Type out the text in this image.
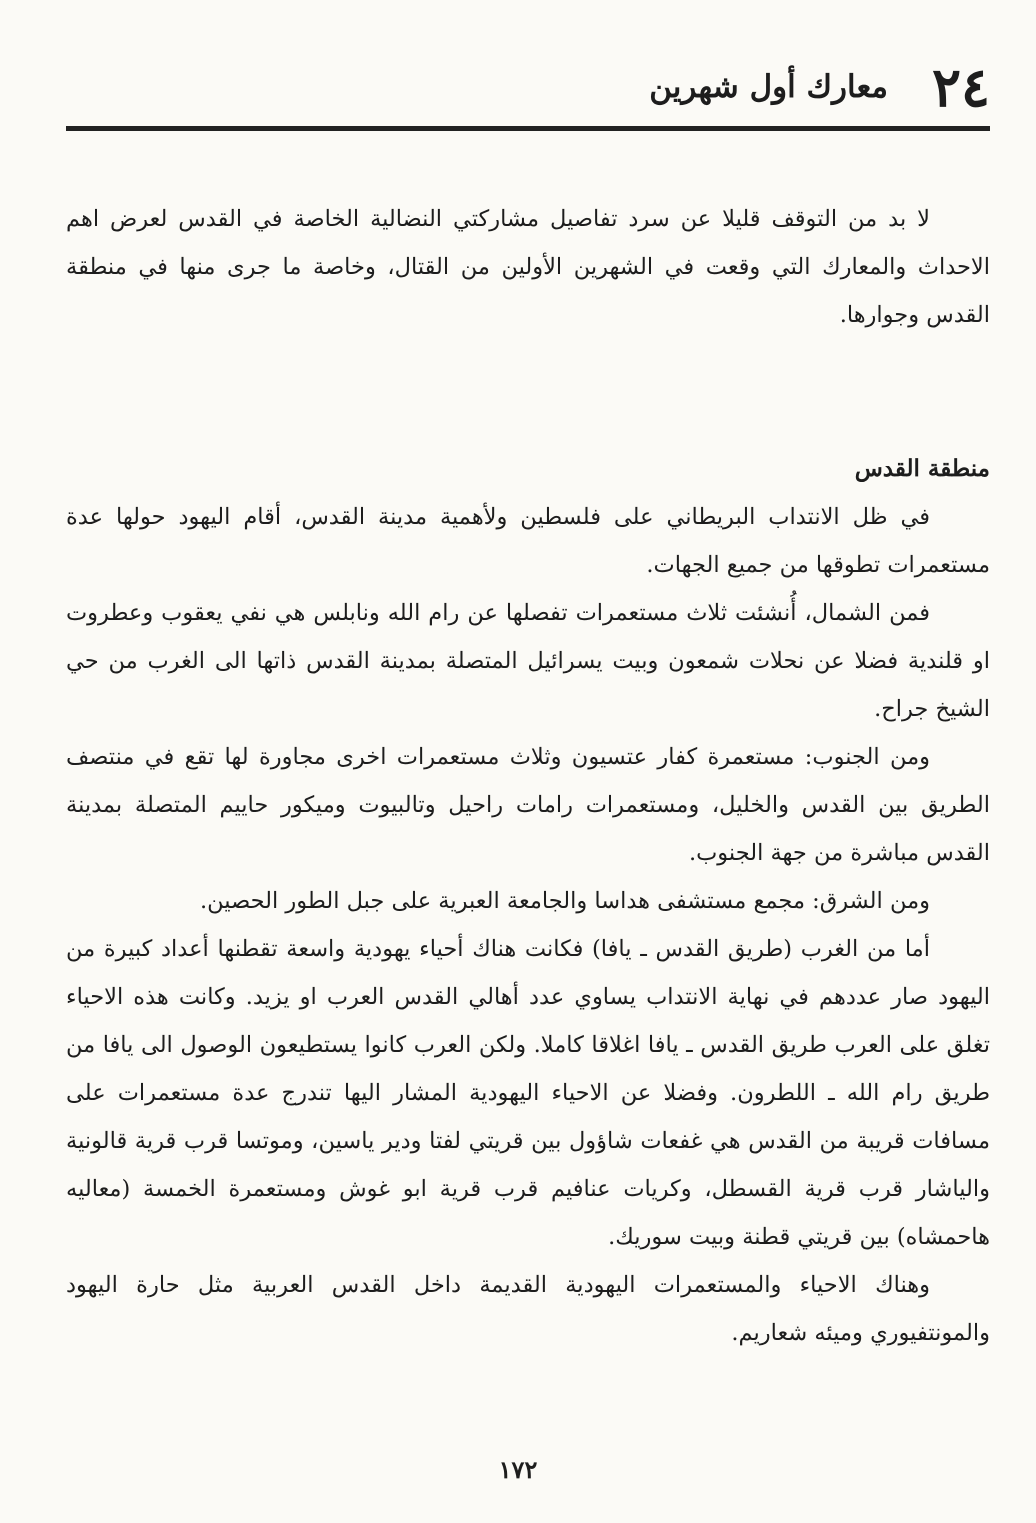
٢٤
معارك أول شهرين

لا بد من التوقف قليلا عن سرد تفاصيل مشاركتي النضالية الخاصة في القدس لعرض اهم الاحداث والمعارك التي وقعت في الشهرين الأولين من القتال، وخاصة ما جرى منها في منطقة القدس وجوارها.

منطقة القدس

في ظل الانتداب البريطاني على فلسطين ولأهمية مدينة القدس، أقام اليهود حولها عدة مستعمرات تطوقها من جميع الجهات.

فمن الشمال، أُنشئت ثلاث مستعمرات تفصلها عن رام الله ونابلس هي نفي يعقوب وعطروت او قلندية فضلا عن نحلات شمعون وبيت يسرائيل المتصلة بمدينة القدس ذاتها الى الغرب من حي الشيخ جراح.

ومن الجنوب: مستعمرة كفار عتسيون وثلاث مستعمرات اخرى مجاورة لها تقع في منتصف الطريق بين القدس والخليل، ومستعمرات رامات راحيل وتالبيوت وميكور حاييم المتصلة بمدينة القدس مباشرة من جهة الجنوب.

ومن الشرق: مجمع مستشفى هداسا والجامعة العبرية على جبل الطور الحصين.

أما من الغرب (طريق القدس ـ يافا) فكانت هناك أحياء يهودية واسعة تقطنها أعداد كبيرة من اليهود صار عددهم في نهاية الانتداب يساوي عدد أهالي القدس العرب او يزيد. وكانت هذه الاحياء تغلق على العرب طريق القدس ـ يافا اغلاقا كاملا. ولكن العرب كانوا يستطيعون الوصول الى يافا من طريق رام الله ـ اللطرون. وفضلا عن الاحياء اليهودية المشار اليها تندرج عدة مستعمرات على مسافات قريبة من القدس هي غفعات شاؤول بين قريتي لفتا ودير ياسين، وموتسا قرب قرية قالونية والياشار قرب قرية القسطل، وكريات عنافيم قرب قرية ابو غوش ومستعمرة الخمسة (معاليه هاحمشاه) بين قريتي قطنة وبيت سوريك.

وهناك الاحياء والمستعمرات اليهودية القديمة داخل القدس العربية مثل حارة اليهود والمونتفيوري وميئه شعاريم.

١٧٢
